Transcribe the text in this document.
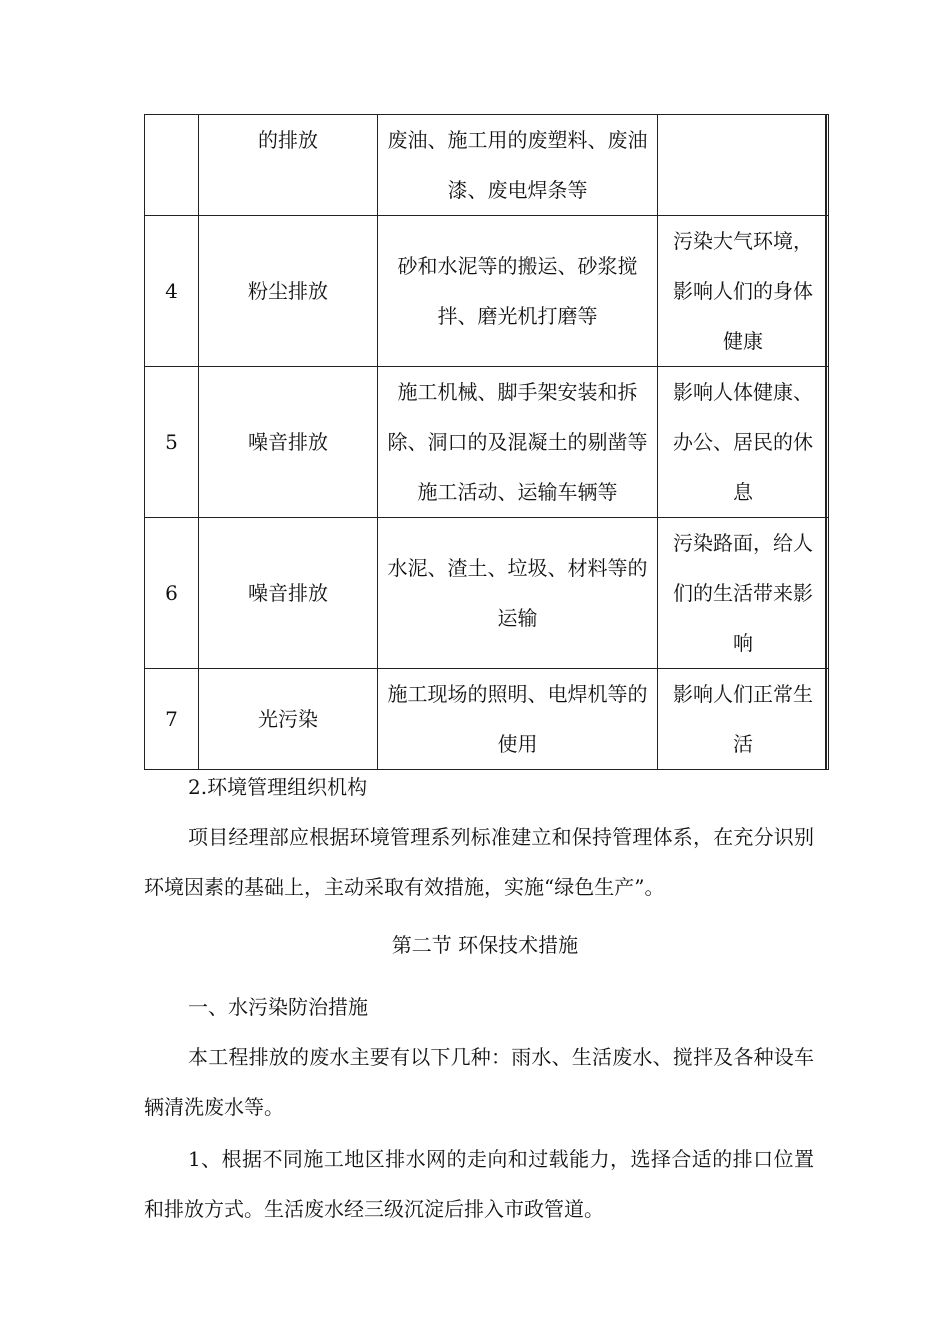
	的排放	废油、施工用的废塑料、废油漆、废电焊条等	

4	粉尘排放	砂和水泥等的搬运、砂浆搅拌、磨光机打磨等	污染大气环境，影响人们的身体健康

5	噪音排放	施工机械、脚手架安装和拆除、洞口的及混凝土的剔凿等施工活动、运输车辆等	影响人体健康、办公、居民的休息

6	噪音排放	水泥、渣土、垃圾、材料等的运输	污染路面，给人们的生活带来影响

7	光污染	施工现场的照明、电焊机等的使用	影响人们正常生活
2.环境管理组织机构
项目经理部应根据环境管理系列标准建立和保持管理体系，在充分识别环境因素的基础上，主动采取有效措施，实施“绿色生产”。
第二节 环保技术措施
一、水污染防治措施
本工程排放的废水主要有以下几种：雨水、生活废水、搅拌及各种设车辆清洗废水等。
1、根据不同施工地区排水网的走向和过载能力，选择合适的排口位置和排放方式。生活废水经三级沉淀后排入市政管道。
